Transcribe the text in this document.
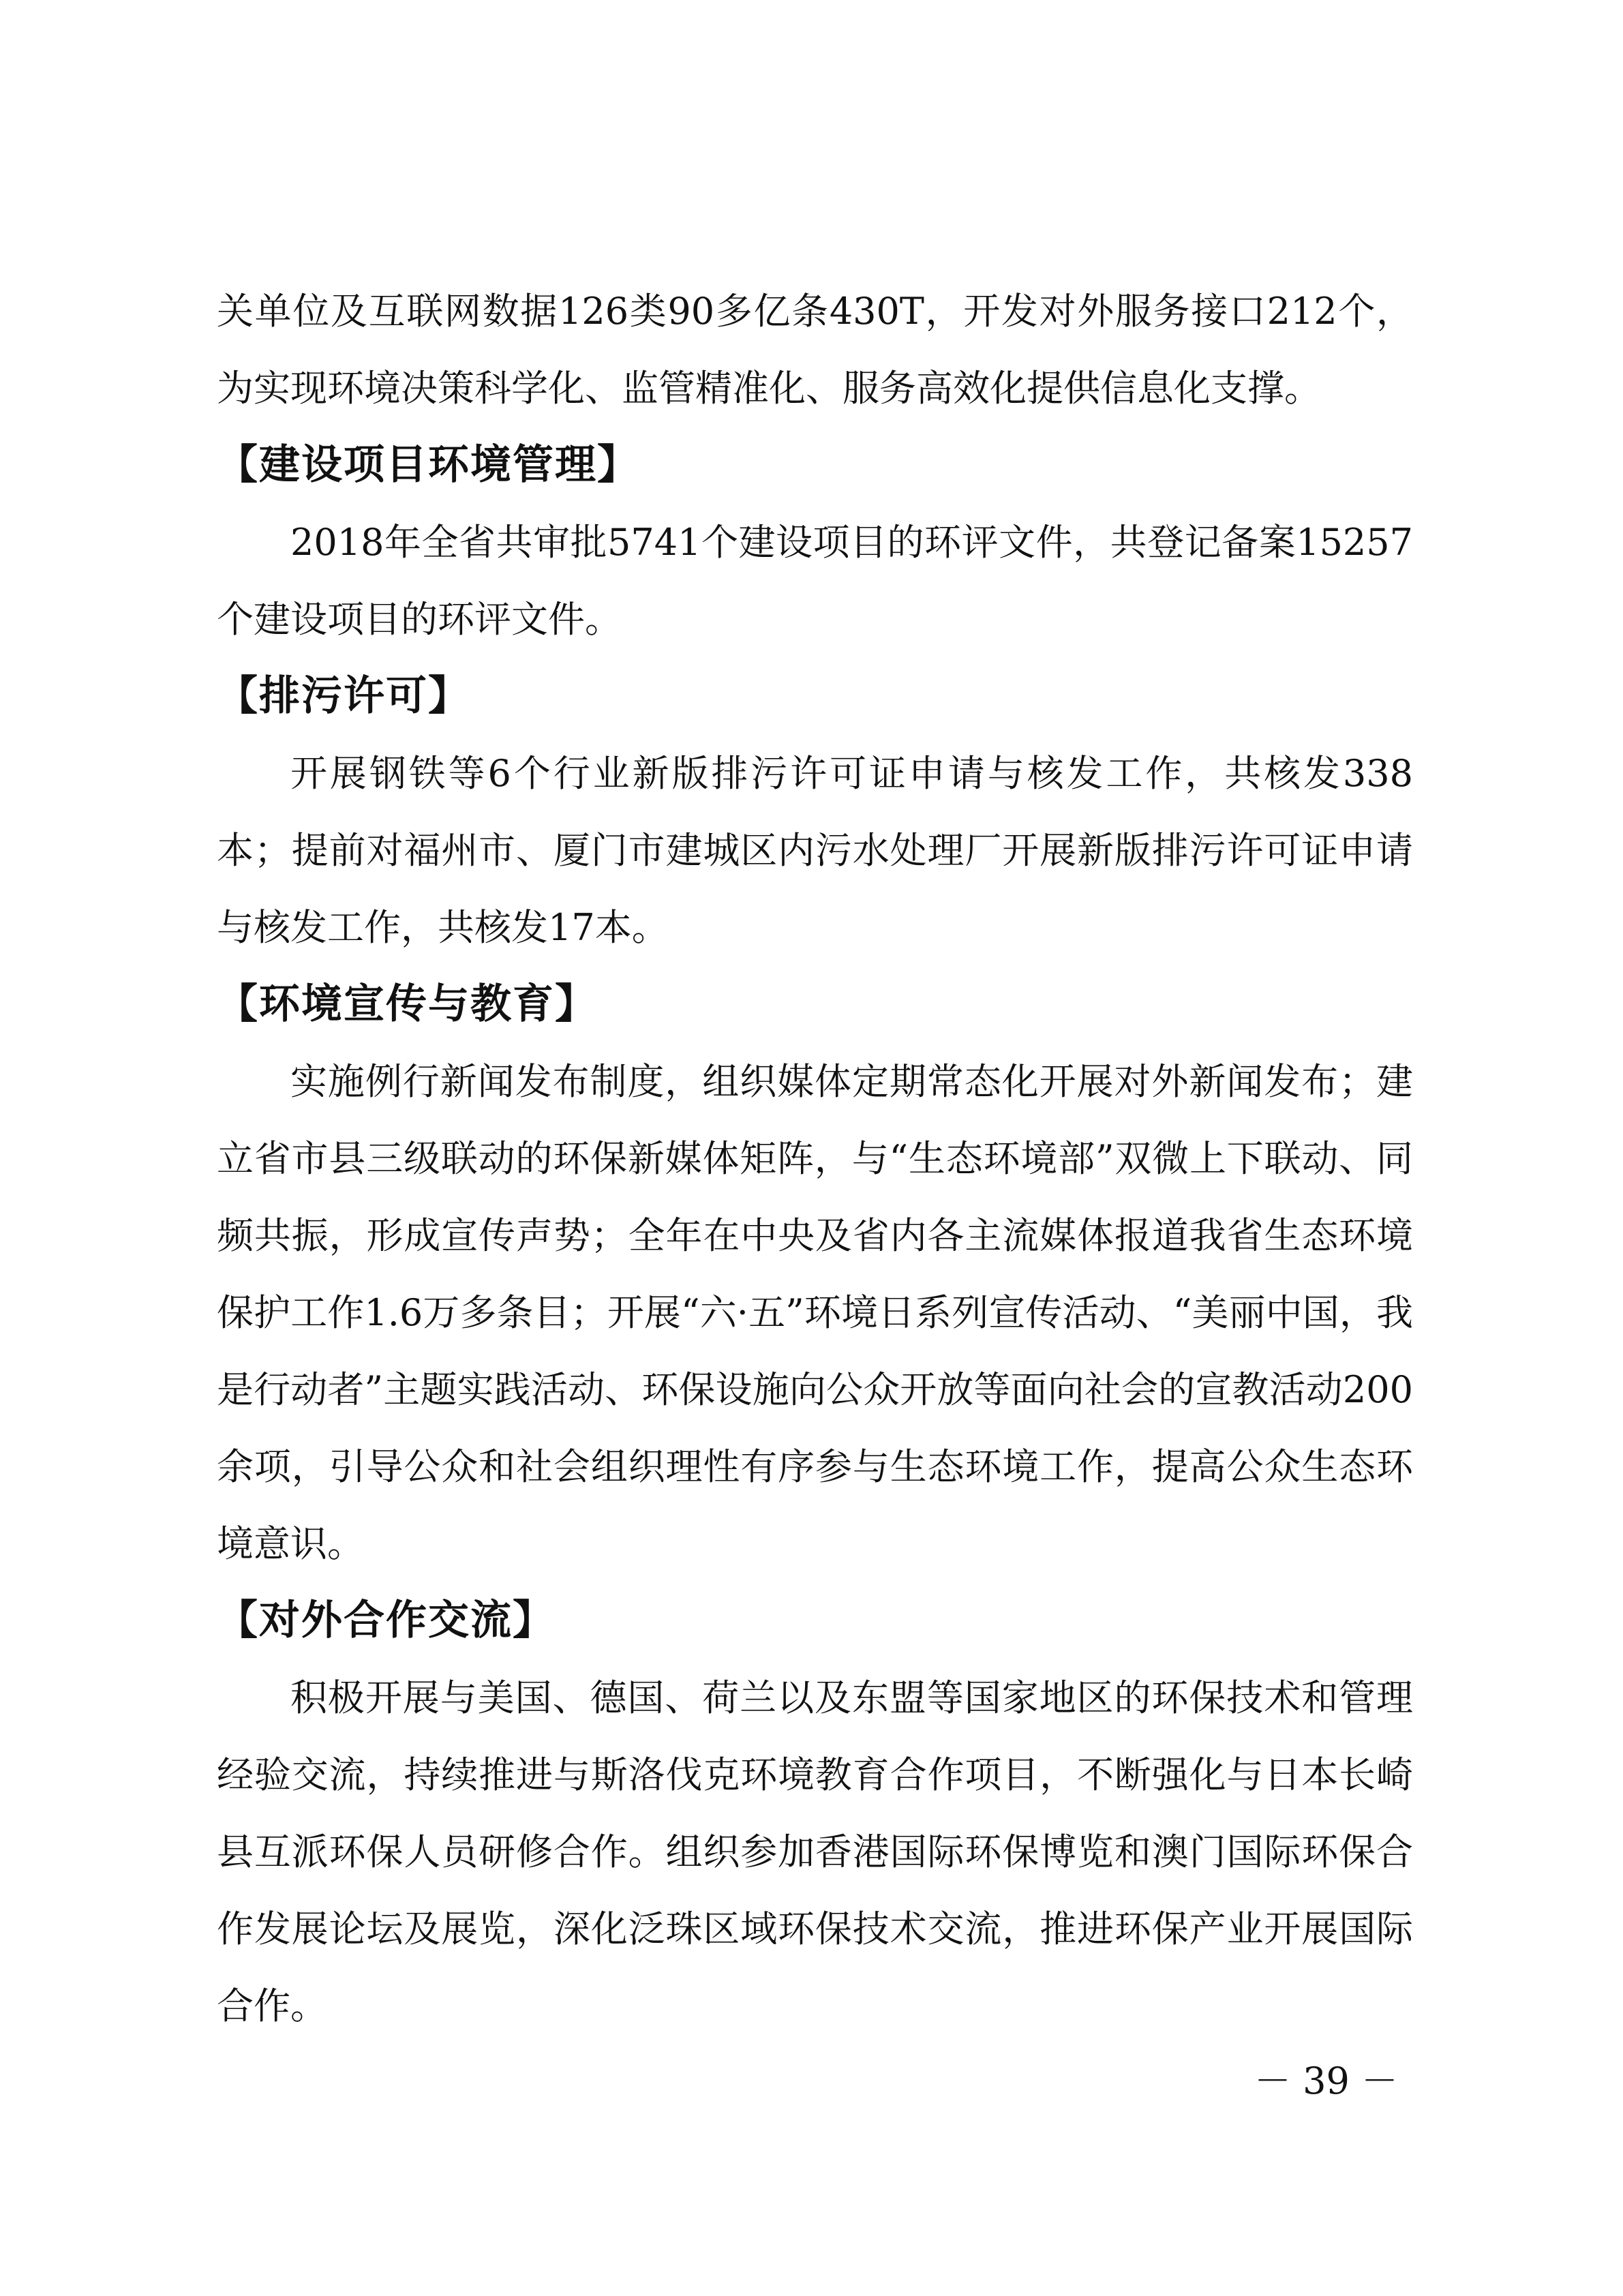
关单位及互联网数据126类90多亿条430T，开发对外服务接口212个，为实现环境决策科学化、监管精准化、服务高效化提供信息化支撑。

【建设项目环境管理】

2018年全省共审批5741个建设项目的环评文件，共登记备案15257个建设项目的环评文件。

【排污许可】

开展钢铁等6个行业新版排污许可证申请与核发工作，共核发338本；提前对福州市、厦门市建城区内污水处理厂开展新版排污许可证申请与核发工作，共核发17本。

【环境宣传与教育】

实施例行新闻发布制度，组织媒体定期常态化开展对外新闻发布；建立省市县三级联动的环保新媒体矩阵，与“生态环境部”双微上下联动、同频共振，形成宣传声势；全年在中央及省内各主流媒体报道我省生态环境保护工作1.6万多条目；开展“六·五”环境日系列宣传活动、“美丽中国，我是行动者”主题实践活动、环保设施向公众开放等面向社会的宣教活动200余项，引导公众和社会组织理性有序参与生态环境工作，提高公众生态环境意识。

【对外合作交流】

积极开展与美国、德国、荷兰以及东盟等国家地区的环保技术和管理经验交流，持续推进与斯洛伐克环境教育合作项目，不断强化与日本长崎县互派环保人员研修合作。组织参加香港国际环保博览和澳门国际环保合作发展论坛及展览，深化泛珠区域环保技术交流，推进环保产业开展国际合作。

－ 39 －
